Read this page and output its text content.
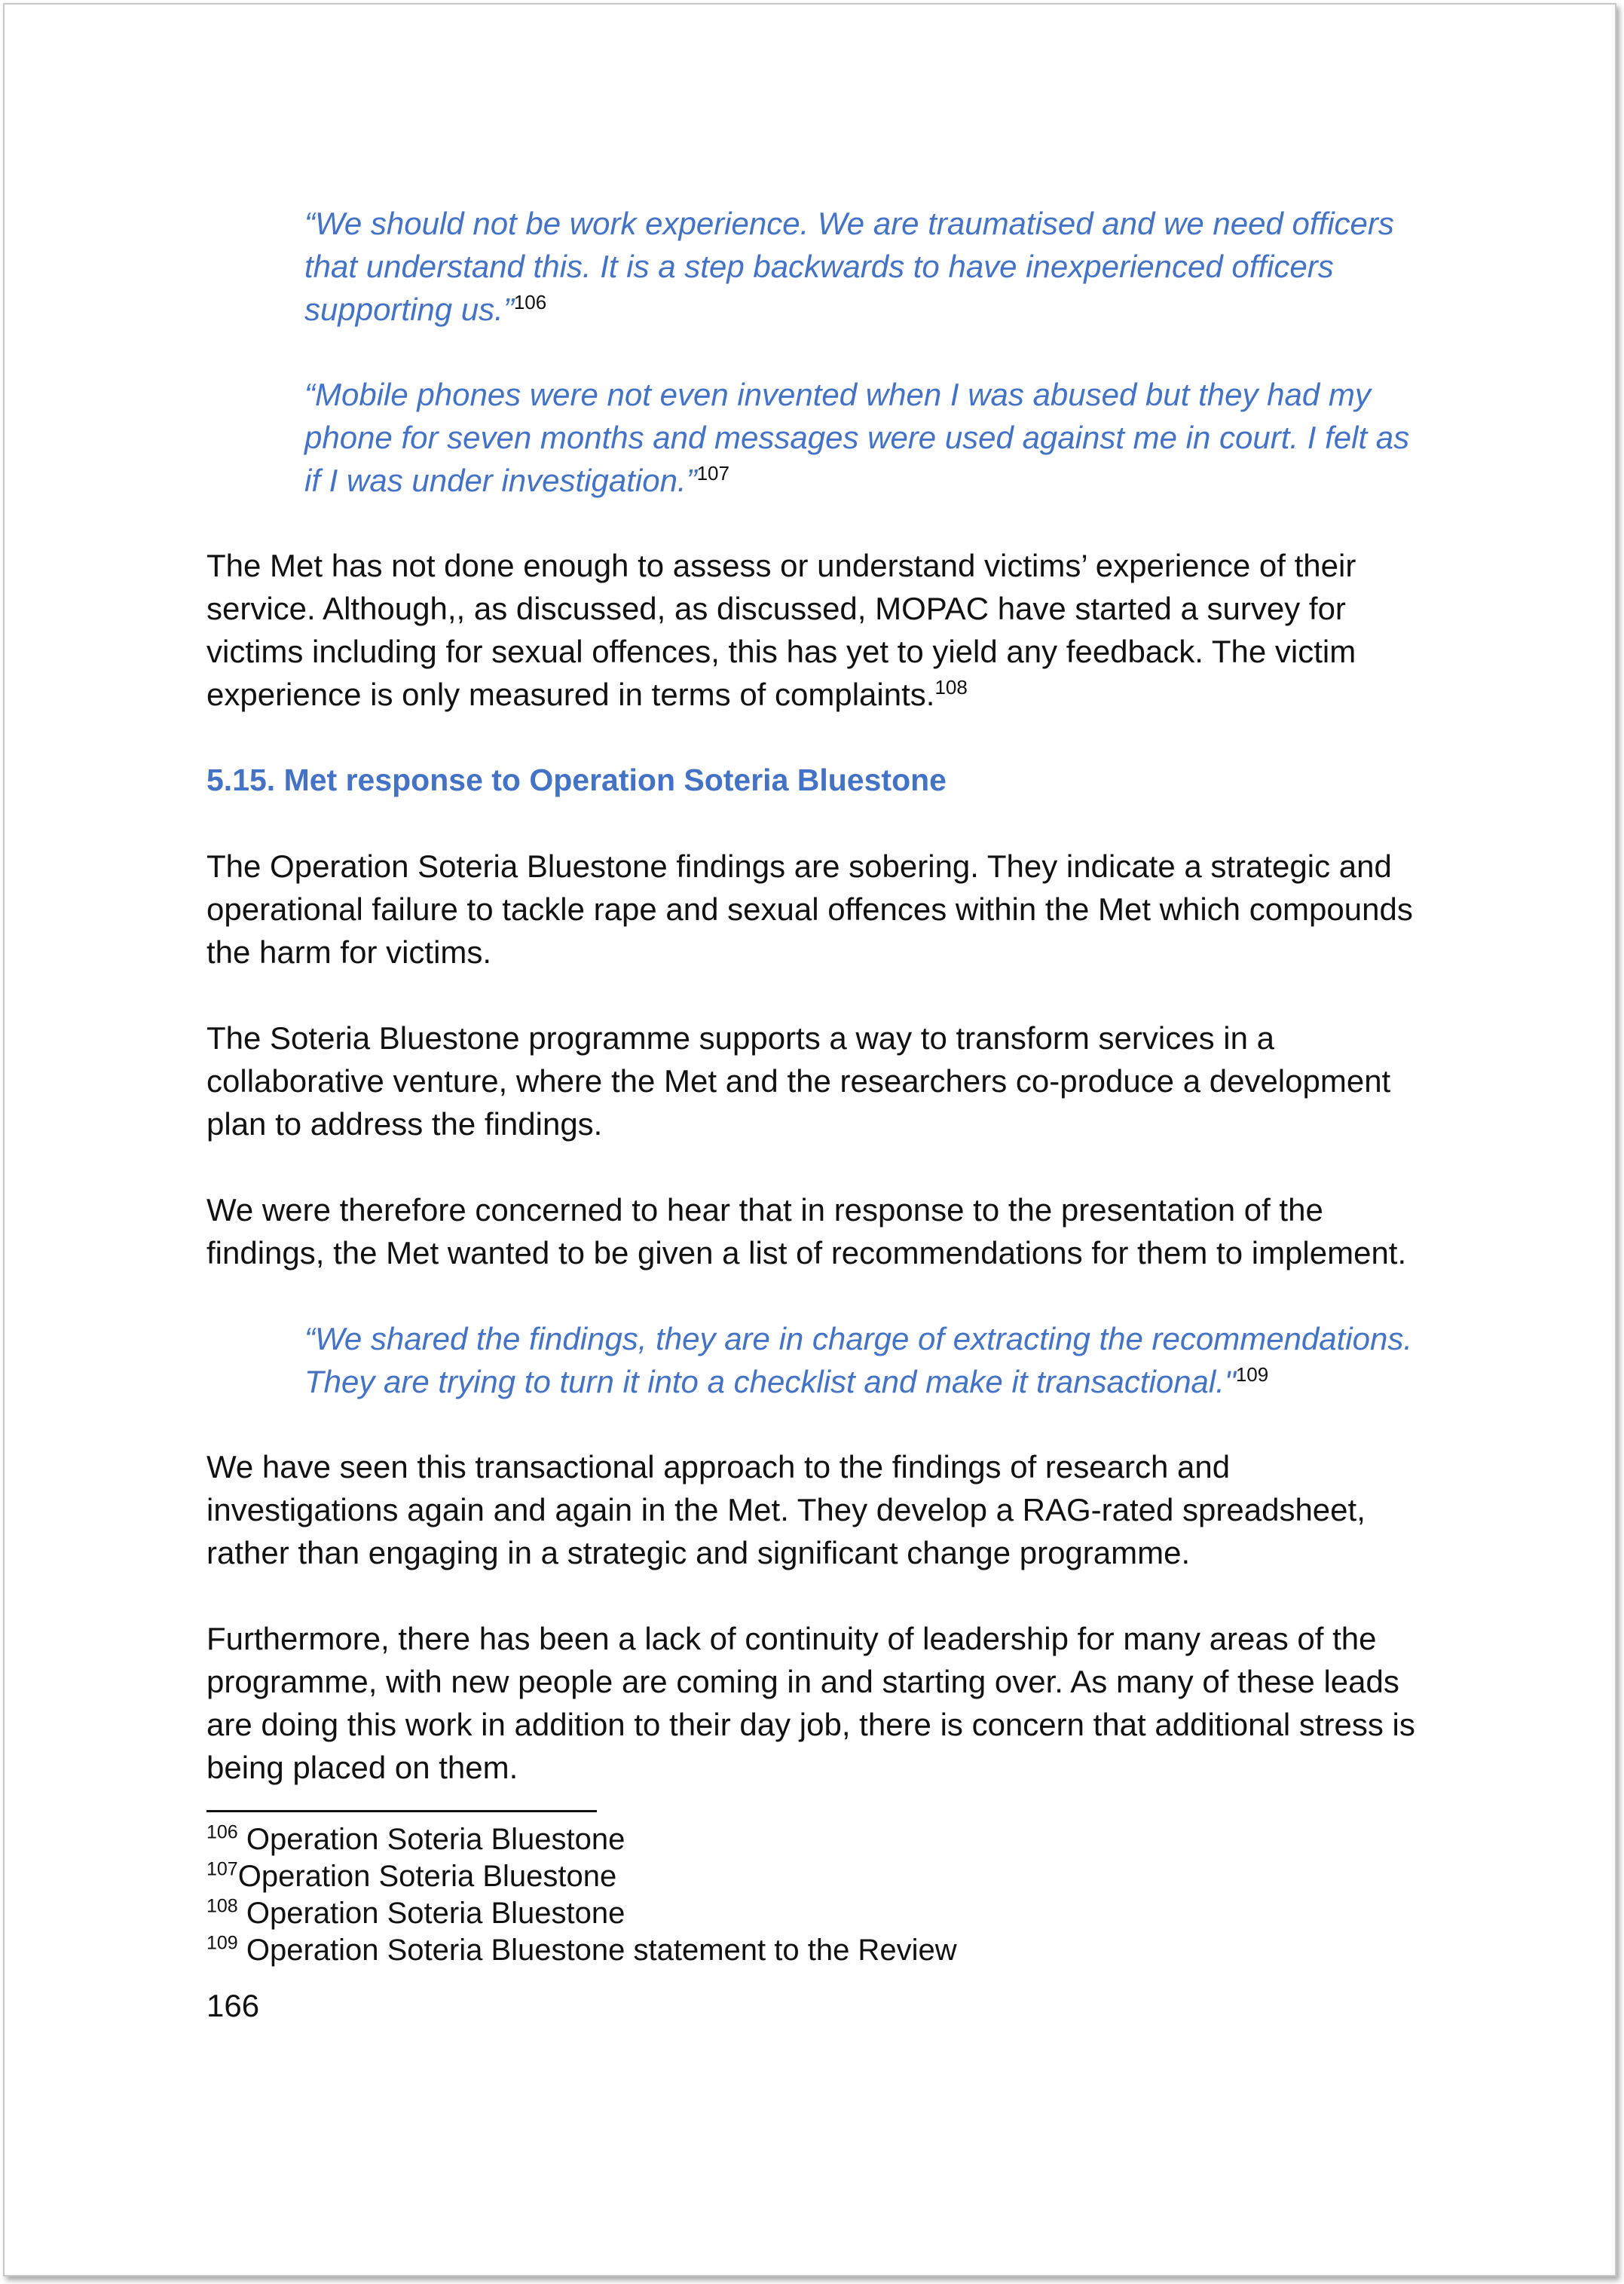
“We should not be work experience. We are traumatised and we need officers that understand this. It is a step backwards to have inexperienced officers supporting us.”$^{106}$

“Mobile phones were not even invented when I was abused but they had my phone for seven months and messages were used against me in court. I felt as if I was under investigation.”$^{107}$

The Met has not done enough to assess or understand victims’ experience of their service. Although,, as discussed, as discussed, MOPAC have started a survey for victims including for sexual offences, this has yet to yield any feedback. The victim experience is only measured in terms of complaints.$^{108}$

5.15. Met response to Operation Soteria Bluestone

The Operation Soteria Bluestone findings are sobering. They indicate a strategic and operational failure to tackle rape and sexual offences within the Met which compounds the harm for victims.

The Soteria Bluestone programme supports a way to transform services in a collaborative venture, where the Met and the researchers co-produce a development plan to address the findings.

We were therefore concerned to hear that in response to the presentation of the findings, the Met wanted to be given a list of recommendations for them to implement.

“We shared the findings, they are in charge of extracting the recommendations. They are trying to turn it into a checklist and make it transactional."$^{109}$

We have seen this transactional approach to the findings of research and investigations again and again in the Met. They develop a RAG-rated spreadsheet, rather than engaging in a strategic and significant change programme.

Furthermore, there has been a lack of continuity of leadership for many areas of the programme, with new people are coming in and starting over. As many of these leads are doing this work in addition to their day job, there is concern that additional stress is being placed on them.

$^{106}$ Operation Soteria Bluestone
$^{107}$Operation Soteria Bluestone
$^{108}$ Operation Soteria Bluestone
$^{109}$ Operation Soteria Bluestone statement to the Review
166
